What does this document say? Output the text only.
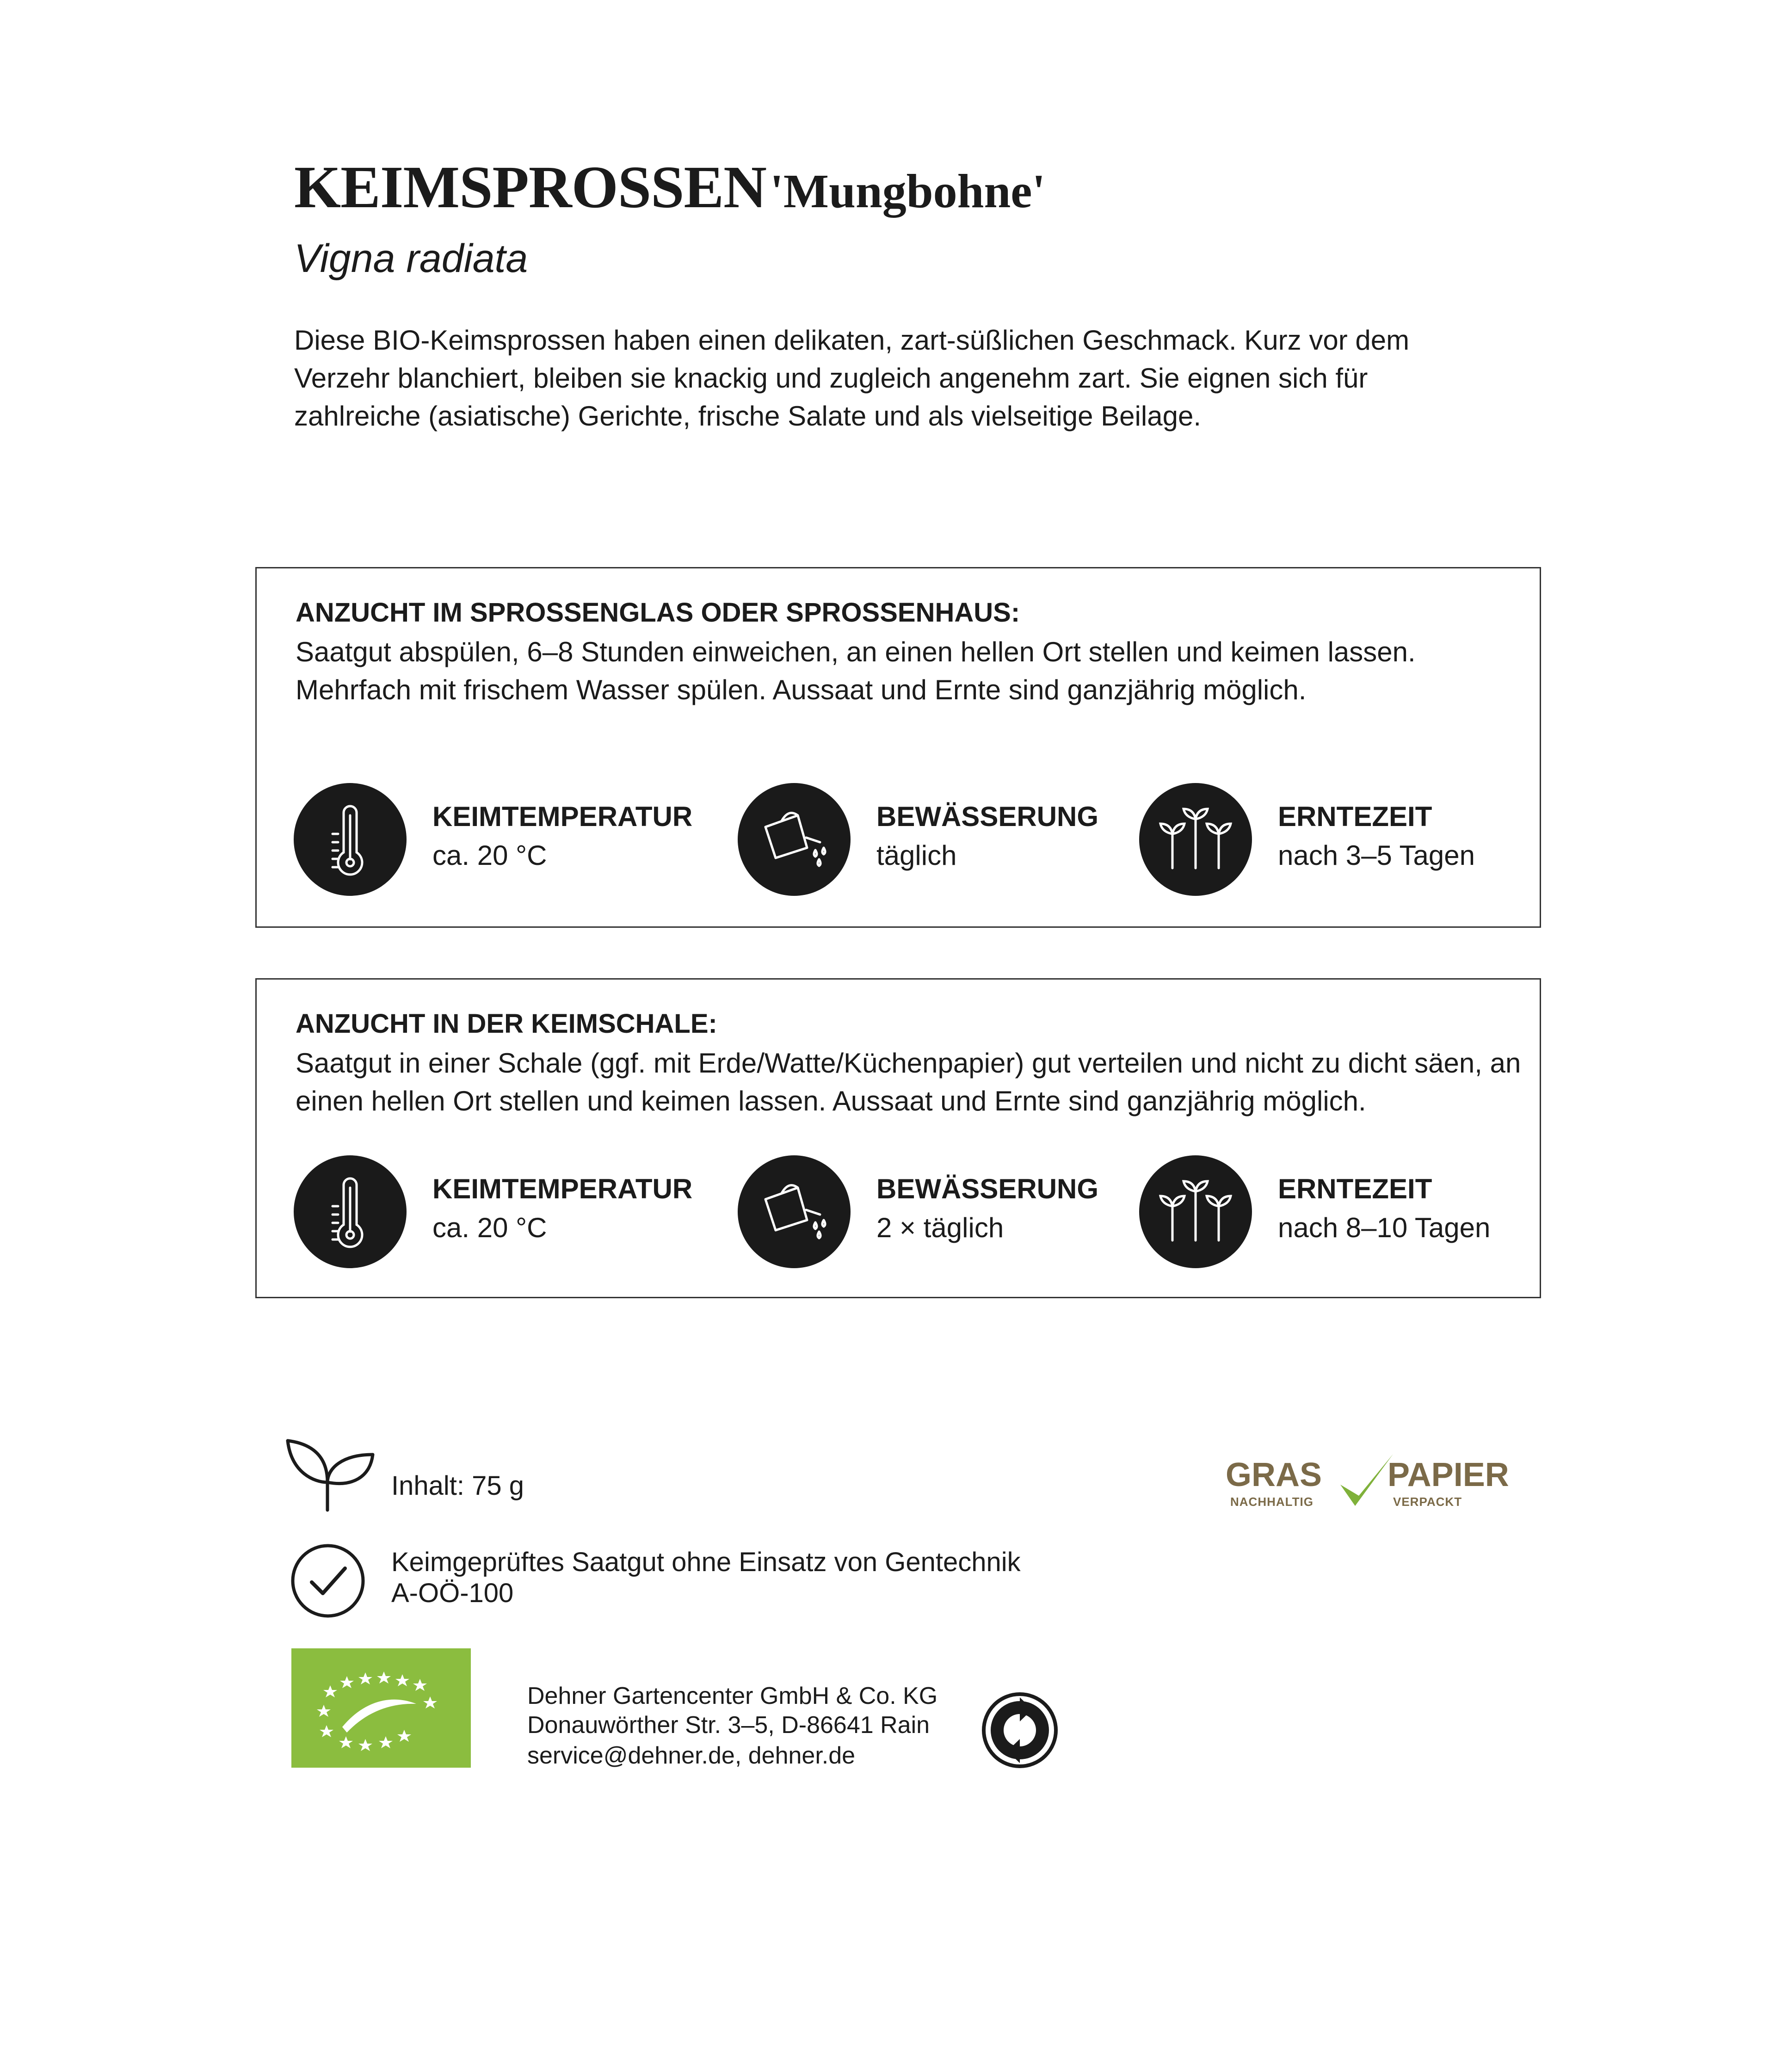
KEIMSPROSSEN 'Mungbohne'
Vigna radiata
Diese BIO-Keimsprossen haben einen delikaten, zart-süßlichen Geschmack. Kurz vor dem Verzehr blanchiert, bleiben sie knackig und zugleich angenehm zart. Sie eignen sich für zahlreiche (asiatische) Gerichte, frische Salate und als vielseitige Beilage.
ANZUCHT IM SPROSSENGLAS ODER SPROSSENHAUS:
Saatgut abspülen, 6–8 Stunden einweichen, an einen hellen Ort stellen und keimen lassen. Mehrfach mit frischem Wasser spülen. Aussaat und Ernte sind ganzjährig möglich.
KEIMTEMPERATUR
ca. 20 °C
BEWÄSSERUNG
täglich
ERNTEZEIT
nach 3–5 Tagen
ANZUCHT IN DER KEIMSCHALE:
Saatgut in einer Schale (ggf. mit Erde/Watte/Küchenpapier) gut verteilen und nicht zu dicht säen, an einen hellen Ort stellen und keimen lassen. Aussaat und Ernte sind ganzjährig möglich.
KEIMTEMPERATUR
ca. 20 °C
BEWÄSSERUNG
2 × täglich
ERNTEZEIT
nach 8–10 Tagen
Inhalt: 75 g
Keimgeprüftes Saatgut ohne Einsatz von Gentechnik
A-OÖ-100
Dehner Gartencenter GmbH & Co. KG
Donauwörther Str. 3–5, D-86641 Rain
service@dehner.de, dehner.de
GRAS PAPIER
NACHHALTIG	VERPACKT
